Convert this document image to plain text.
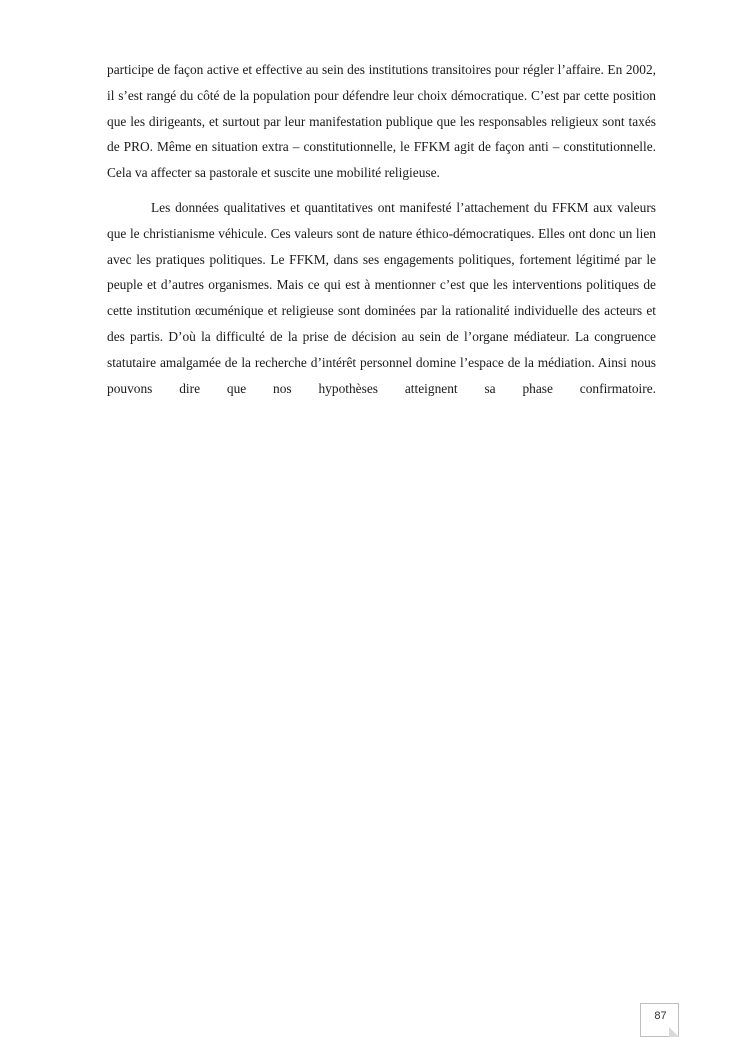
participe de façon active et effective au sein des institutions transitoires pour régler l’affaire. En 2002, il s’est rangé du côté de la population pour défendre leur choix démocratique. C’est par cette position que les dirigeants, et surtout par leur manifestation publique que les responsables religieux sont taxés de PRO. Même en situation extra – constitutionnelle, le FFKM agit de façon anti – constitutionnelle. Cela va affecter sa pastorale et suscite une mobilité religieuse.

Les données qualitatives et quantitatives ont manifesté l’attachement du FFKM aux valeurs que le christianisme véhicule. Ces valeurs sont de nature éthico-démocratiques. Elles ont donc un lien avec les pratiques politiques. Le FFKM, dans ses engagements politiques, fortement légitimé par le peuple et d’autres organismes. Mais ce qui est à mentionner c’est que les interventions politiques de cette institution œcuménique et religieuse sont dominées par la rationalité individuelle des acteurs et des partis. D’où la difficulté de la prise de décision au sein de l’organe médiateur. La congruence statutaire amalgamée de la recherche d’intérêt personnel domine l’espace de la médiation. Ainsi nous pouvons dire que nos hypothèses atteignent sa phase confirmatoire.

87
